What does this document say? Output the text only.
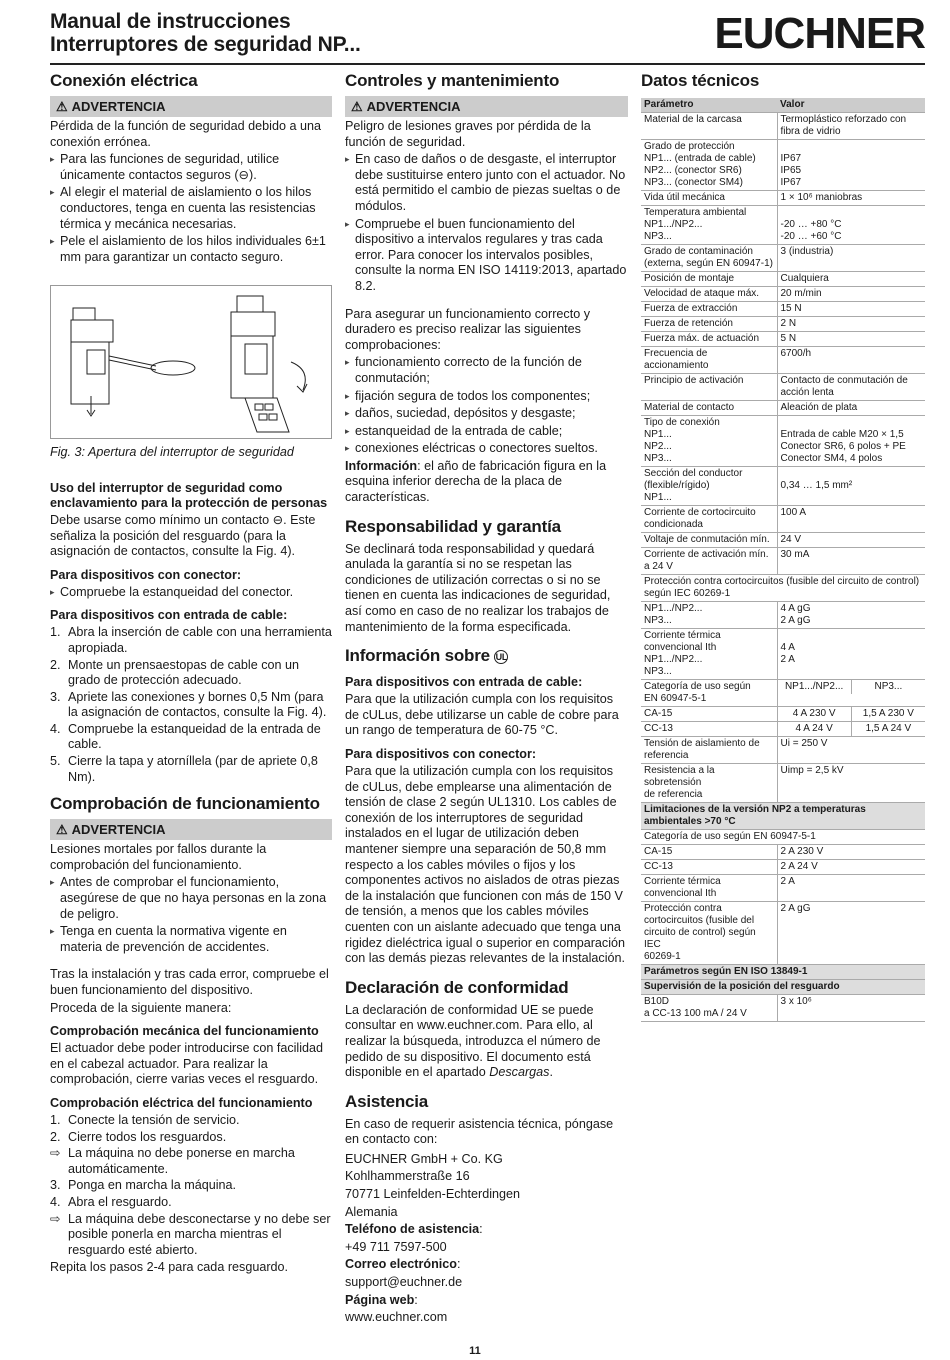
Manual de instrucciones
Interruptores de seguridad NP...	EUCHNER
Conexión eléctrica
⚠ ADVERTENCIA

Pérdida de la función de seguridad debido a una conexión errónea.

▸ Para las funciones de seguridad, utilice únicamente contactos seguros (⊖).
▸ Al elegir el material de aislamiento o los hilos conductores, tenga en cuenta las resistencias térmica y mecánica necesarias.
▸ Pele el aislamiento de los hilos individuales 6±1 mm para garantizar un contacto seguro.

Fig. 3: Apertura del interruptor de seguridad

Uso del interruptor de seguridad como enclavamiento para la protección de personas

Debe usarse como mínimo un contacto ⊖. Este señaliza la posición del resguardo (para la asignación de contactos, consulte la Fig. 4).

Para dispositivos con conector:
▸ Compruebe la estanqueidad del conector.
Para dispositivos con entrada de cable:
1. Abra la inserción de cable con una herramienta apropiada.
2. Monte un prensaestopas de cable con un grado de protección adecuado.
3. Apriete las conexiones y bornes 0,5 Nm (para la asignación de contactos, consulte la Fig. 4).
4. Compruebe la estanqueidad de la entrada de cable.
5. Cierre la tapa y atorníllela (par de apriete 0,8 Nm).
Comprobación de funcionamiento
⚠ ADVERTENCIA

Lesiones mortales por fallos durante la comprobación del funcionamiento.

▸ Antes de comprobar el funcionamiento, asegúrese de que no haya personas en la zona de peligro.
▸ Tenga en cuenta la normativa vigente en materia de prevención de accidentes.

Tras la instalación y tras cada error, compruebe el buen funcionamiento del dispositivo.

Proceda de la siguiente manera:

Comprobación mecánica del funcionamiento

El actuador debe poder introducirse con facilidad en el cabezal actuador. Para realizar la comprobación, cierre varias veces el resguardo.

Comprobación eléctrica del funcionamiento
1. Conecte la tensión de servicio.
2. Cierre todos los resguardos.
⇨ La máquina no debe ponerse en marcha automáticamente.
3. Ponga en marcha la máquina.
4. Abra el resguardo.
⇨ La máquina debe desconectarse y no debe ser posible ponerla en marcha mientras el resguardo esté abierto.

Repita los pasos 2-4 para cada resguardo.

Controles y mantenimiento
⚠ ADVERTENCIA

Peligro de lesiones graves por pérdida de la función de seguridad.

▸ En caso de daños o de desgaste, el interruptor debe sustituirse entero junto con el actuador. No está permitido el cambio de piezas sueltas o de módulos.
▸ Compruebe el buen funcionamiento del dispositivo a intervalos regulares y tras cada error. Para conocer los intervalos posibles, consulte la norma EN ISO 14119:2013, apartado 8.2.

Para asegurar un funcionamiento correcto y duradero es preciso realizar las siguientes comprobaciones:

▸ funcionamiento correcto de la función de conmutación;
▸ fijación segura de todos los componentes;
▸ daños, suciedad, depósitos y desgaste;
▸ estanqueidad de la entrada de cable;
▸ conexiones eléctricas o conectores sueltos.

Información: el año de fabricación figura en la esquina inferior derecha de la placa de características.

Responsabilidad y garantía

Se declinará toda responsabilidad y quedará anulada la garantía si no se respetan las condiciones de utilización correctas o si no se tienen en cuenta las indicaciones de seguridad, así como en caso de no realizar los trabajos de mantenimiento de la forma especificada.

Información sobre UL
Para dispositivos con entrada de cable:

Para que la utilización cumpla con los requisitos de cULus, debe utilizarse un cable de cobre para un rango de temperatura de 60-75 °C.

Para dispositivos con conector:

Para que la utilización cumpla con los requisitos de cULus, debe emplearse una alimentación de tensión de clase 2 según UL1310. Los cables de conexión de los interruptores de seguridad instalados en el lugar de utilización deben mantener siempre una separación de 50,8 mm respecto a los cables móviles o fijos y los componentes activos no aislados de otras piezas de la instalación que funcionen con más de 150 V de tensión, a menos que los cables móviles cuenten con un aislante adecuado que tenga una rigidez dieléctrica igual o superior en comparación con las demás piezas relevantes de la instalación.

Declaración de conformidad

La declaración de conformidad UE se puede consultar en www.euchner.com. Para ello, al realizar la búsqueda, introduzca el número de pedido de su dispositivo. El documento está disponible en el apartado Descargas.

Asistencia

En caso de requerir asistencia técnica, póngase en contacto con:

EUCHNER GmbH + Co. KG

Kohlhammerstraße 16

70771 Leinfelden-Echterdingen

Alemania

Teléfono de asistencia:

+49 711 7597-500

Correo electrónico:

support@euchner.de

Página web:

www.euchner.com

Datos técnicos
Parámetro	Valor
Material de la carcasa	Termoplástico reforzado con fibra de vidrio
Grado de protección
NP1... (entrada de cable)
NP2... (conector SR6)
NP3... (conector SM4)	IP67
IP65
IP67
Vida útil mecánica	1 × 10⁶ maniobras
Temperatura ambiental
NP1.../NP2...
NP3...	-20 … +80 °C
-20 … +60 °C
Grado de contaminación
(externa, según EN 60947-1)	3 (industria)
Posición de montaje	Cualquiera
Velocidad de ataque máx.	20 m/min
Fuerza de extracción	15 N
Fuerza de retención	2 N
Fuerza máx. de actuación	5 N
Frecuencia de accionamiento	6700/h
Principio de activación	Contacto de conmutación de acción lenta
Material de contacto	Aleación de plata
Tipo de conexión
NP1...
NP2...
NP3...	Entrada de cable M20 × 1,5
Conector SR6, 6 polos + PE
Conector SM4, 4 polos
Sección del conductor
(flexible/rígido)
NP1...	0,34 … 1,5 mm²
Corriente de cortocircuito condicionada	100 A
Voltaje de conmutación mín.	24 V
Corriente de activación mín.
a 24 V	30 mA
Protección contra cortocircuitos (fusible del circuito de control) según IEC 60269-1	
NP1.../NP2...
NP3...	4 A gG
2 A gG
Corriente térmica
convencional Ith
NP1.../NP2...
NP3...	4 A
2 A
Categoría de uso según
EN 60947-5-1	NP1.../NP2... NP3...

CA-15	4 A 230 V 1,5 A 230 V

CC-13	4 A 24 V 1,5 A 24 V

Tensión de aislamiento de
referencia	Ui = 250 V
Resistencia a la sobretensión
de referencia	Uimp = 2,5 kV
Limitaciones de la versión NP2 a temperaturas ambientales >70 °C	
Categoría de uso según EN 60947-5-1	
CA-15	2 A 230 V
CC-13	2 A 24 V
Corriente térmica
convencional Ith	2 A
Protección contra
cortocircuitos (fusible del
circuito de control) según IEC
60269-1	2 A gG
Parámetros según EN ISO 13849-1	
Supervisión de la posición del resguardo	
B10D
a CC-13 100 mA / 24 V	3 x 10⁶
11
